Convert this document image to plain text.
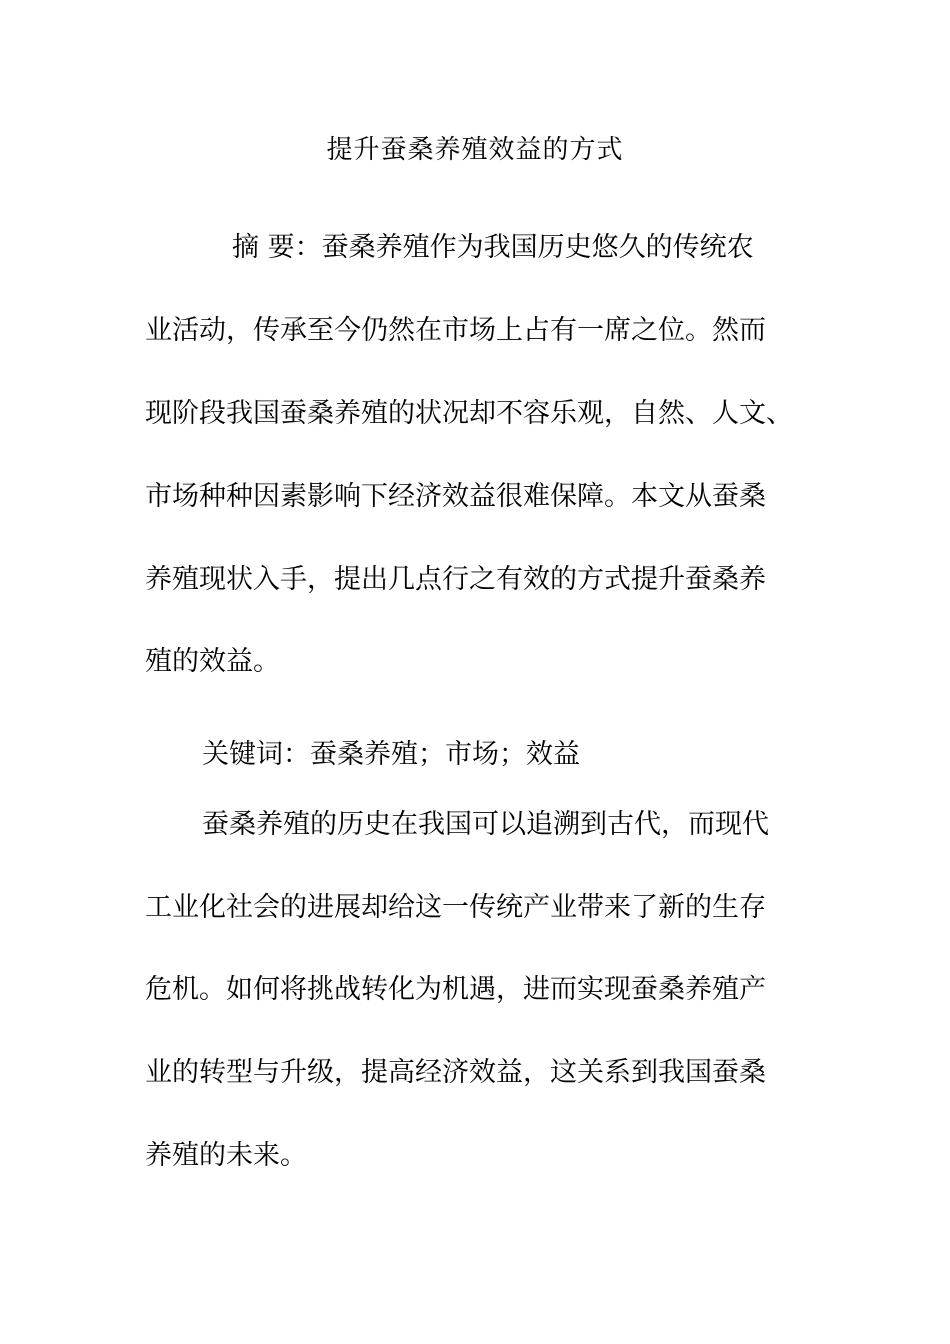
提升蚕桑养殖效益的方式

摘 要：蚕桑养殖作为我国历史悠久的传统农

业活动，传承至今仍然在市场上占有一席之位。然而

现阶段我国蚕桑养殖的状况却不容乐观，自然、人文、

市场种种因素影响下经济效益很难保障。本文从蚕桑

养殖现状入手，提出几点行之有效的方式提升蚕桑养

殖的效益。

关键词：蚕桑养殖；市场；效益

蚕桑养殖的历史在我国可以追溯到古代，而现代

工业化社会的进展却给这一传统产业带来了新的生存

危机。如何将挑战转化为机遇，进而实现蚕桑养殖产

业的转型与升级，提高经济效益，这关系到我国蚕桑

养殖的未来。
